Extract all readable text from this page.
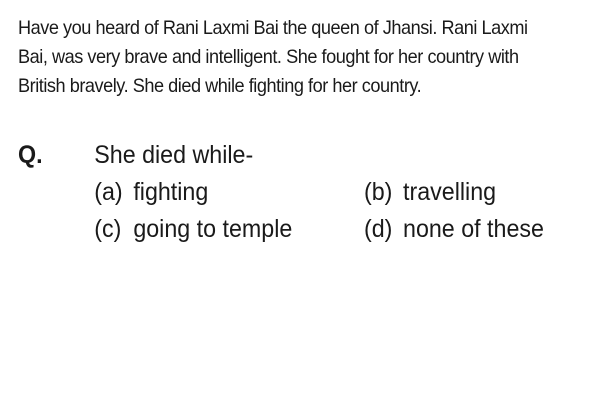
Have you heard of Rani Laxmi Bai the queen of Jhansi. Rani Laxmi
Bai, was very brave and intelligent. She fought for her country with
British bravely. She died while fighting for her country.
Q. She died while-
(a) fighting	(b) travelling
(c) going to temple	(d) none of these
